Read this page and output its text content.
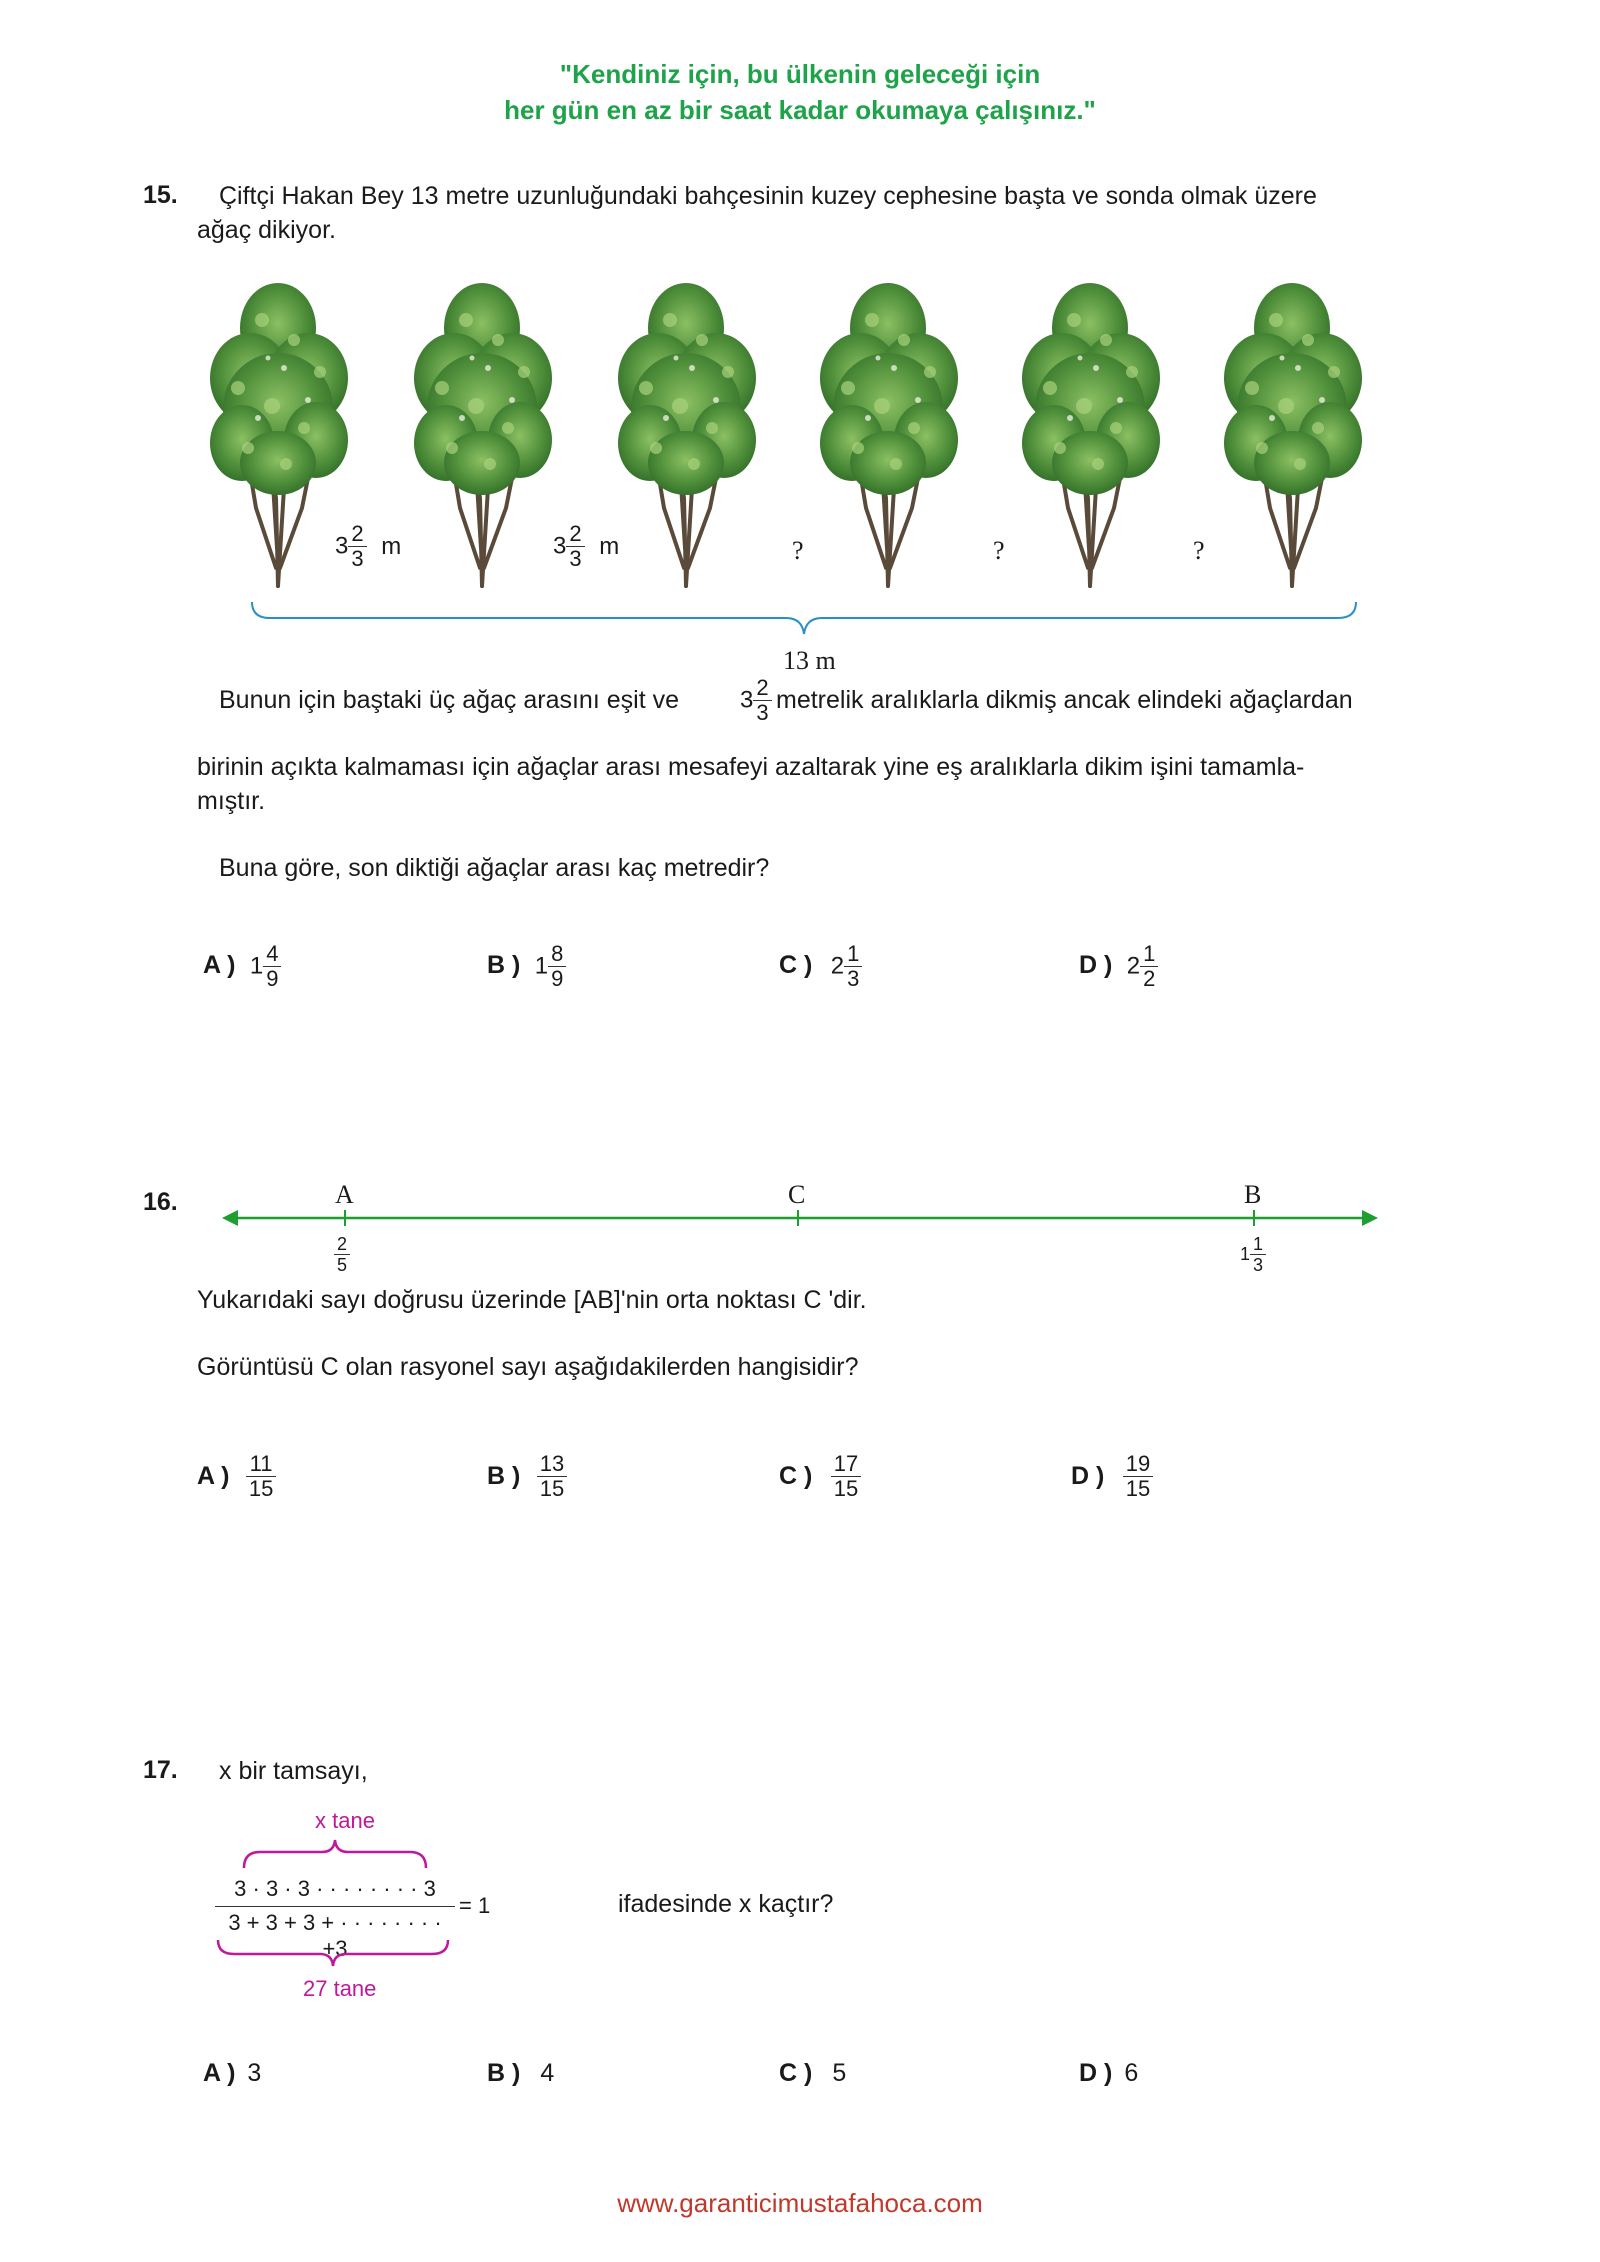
"Kendiniz için, bu ülkenin geleceği için
her gün en az bir saat kadar okumaya çalışınız."
15. Çiftçi Hakan Bey 13 metre uzunluğundaki bahçesinin kuzey cephesine başta ve sonda olmak üzere
ağaç dikiyor.
$3 \frac{2}{3}$ m	$3 \frac{2}{3}$ m	?	?	?
13 m
Bunun için baştaki üç ağaç arasını eşit ve	$3 \frac{2}{3}$ metrelik aralıklarla dikmiş ancak elindeki ağaçlardan
birinin açıkta kalmaması için ağaçlar arası mesafeyi azaltarak yine eş aralıklarla dikim işini tamamla-
mıştır.
Buna göre, son diktiği ağaçlar arası kaç metredir?
A ) $1 \frac{4}{9}$	B ) $1 \frac{8}{9}$	C ) $2 \frac{1}{3}$	D ) $2 \frac{1}{2}$
16.	A	C	B
$\frac{2}{5}$	$1 \frac{1}{3}$
Yukarıdaki sayı doğrusu üzerinde [AB]'nin orta noktası C 'dir.
Görüntüsü C olan rasyonel sayı aşağıdakilerden hangisidir?
A ) $\frac{11}{15}$	B ) $\frac{13}{15}$	C ) $\frac{17}{15}$	D ) $\frac{19}{15}$
17. x bir tamsayı,
x tane
3 · 3 · 3 · · · · · · · · 3
3 + 3 + 3 + · · · · · · · · +3
= 1
27 tane
ifadesinde x kaçtır?
A ) 3	B ) 4	C ) 5	D ) 6
www.garanticimustafahoca.com
